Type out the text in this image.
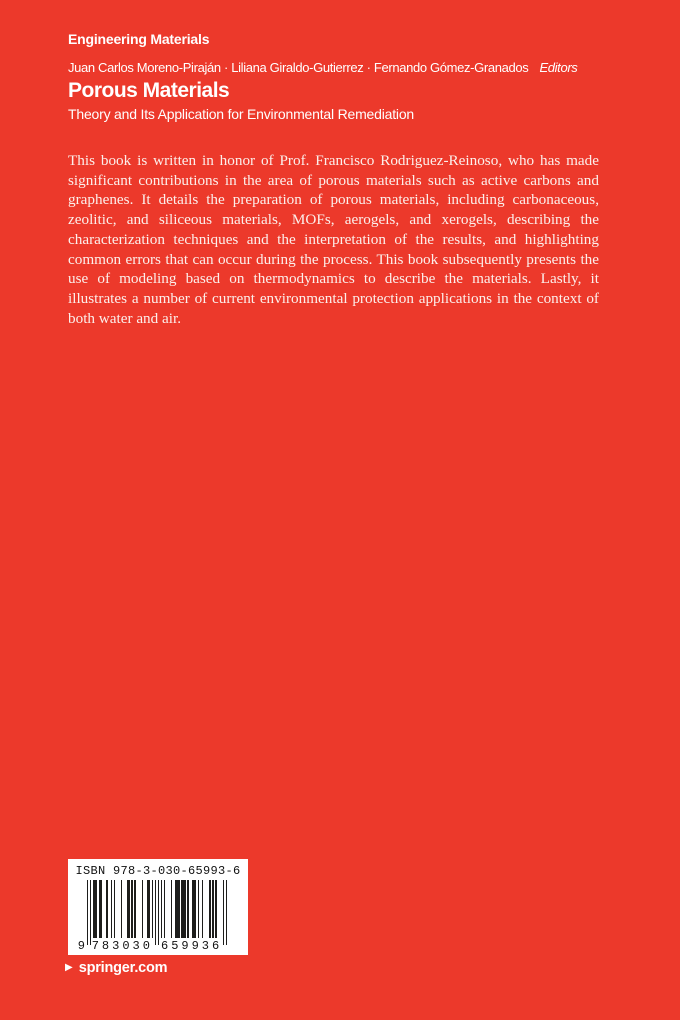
Engineering Materials
Juan Carlos Moreno-Piraján · Liliana Giraldo-Gutierrez · Fernando Gómez-Granados Editors
Porous Materials
Theory and Its Application for Environmental Remediation

This book is written in honor of Prof. Francisco Rodriguez-Reinoso, who has made significant contributions in the area of porous materials such as active carbons and graphenes. It details the preparation of porous materials, including carbonaceous, zeolitic, and siliceous materials, MOFs, aerogels, and xerogels, describing the characterization techniques and the interpretation of the results, and highlighting common errors that can occur during the process. This book subsequently presents the use of modeling based on thermodynamics to describe the materials. Lastly, it illustrates a number of current environmental protection applications in the context of both water and air.

ISBN 978-3-030-65993-6
9 783030 659936
▶ springer.com
